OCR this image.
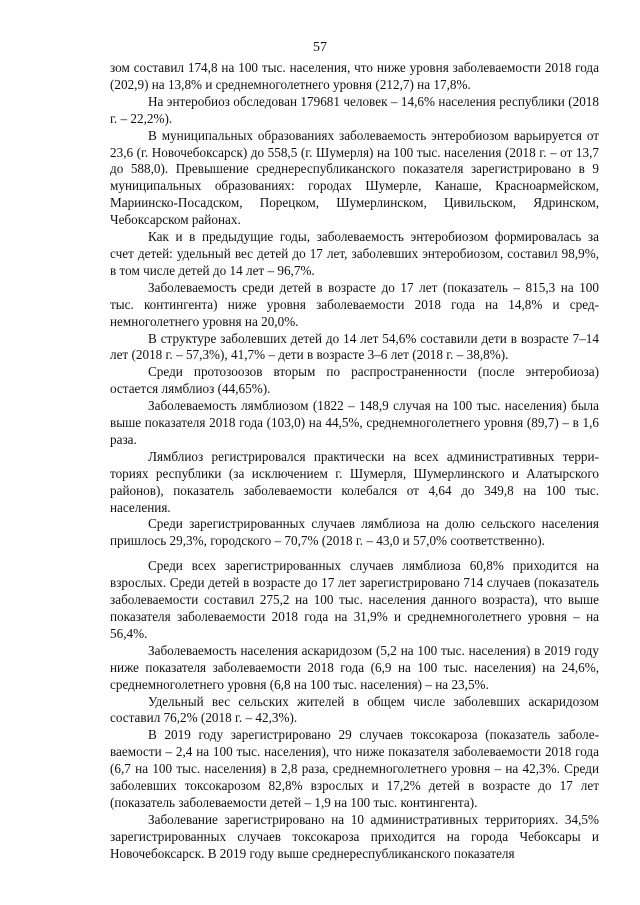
57

зом составил 174,8 на 100 тыс. населения, что ниже уровня заболеваемости 2018 года (202,9) на 13,8% и среднемноголетнего уровня (212,7) на 17,8%.

На энтеробиоз обследован 179681 человек – 14,6% населения республики (2018 г. – 22,2%).

В муниципальных образованиях заболеваемость энтеробиозом варьируется от 23,6 (г. Новочебоксарск) до 558,5 (г. Шумерля) на 100 тыс. населения (2018 г. – от 13,7 до 588,0). Превышение среднереспубликанского показателя зарегистрировано в 9 муниципальных образованиях: городах Шумерле, Канаше, Красноармейском, Мариинско-Посадском, Порецком, Шумерлинском, Цивильском, Ядринском, Чебоксарском районах.

Как и в предыдущие годы, заболеваемость энтеробиозом формировалась за счет детей: удельный вес детей до 17 лет, заболевших энтеробиозом, составил 98,9%, в том числе детей до 14 лет – 96,7%.

Заболеваемость среди детей в возрасте до 17 лет (показатель – 815,3 на 100 тыс. контингента) ниже уровня заболеваемости 2018 года на 14,8% и среднемноголетнего уровня на 20,0%.

В структуре заболевших детей до 14 лет 54,6% составили дети в возрасте 7–14 лет (2018 г. – 57,3%), 41,7% – дети в возрасте 3–6 лет (2018 г. – 38,8%).

Среди протозоозов вторым по распространенности (после энтеробиоза) остается лямблиоз (44,65%).

Заболеваемость лямблиозом (1822 – 148,9 случая на 100 тыс. населения) была выше показателя 2018 года (103,0) на 44,5%, среднемноголетнего уровня (89,7) – в 1,6 раза.

Лямблиоз регистрировался практически на всех административных территориях республики (за исключением г. Шумерля, Шумерлинского и Алатырского районов), показатель заболеваемости колебался от 4,64 до 349,8 на 100 тыс. населения.

Среди зарегистрированных случаев лямблиоза на долю сельского населения пришлось 29,3%, городского – 70,7% (2018 г. – 43,0 и 57,0% соответственно).

Среди всех зарегистрированных случаев лямблиоза 60,8% приходится на взрослых. Среди детей в возрасте до 17 лет зарегистрировано 714 случаев (показатель заболеваемости составил 275,2 на 100 тыс. населения данного возраста), что выше показателя заболеваемости 2018 года на 31,9% и среднемноголетнего уровня – на 56,4%.

Заболеваемость населения аскаридозом (5,2 на 100 тыс. населения) в 2019 году ниже показателя заболеваемости 2018 года (6,9 на 100 тыс. населения) на 24,6%, среднемноголетнего уровня (6,8 на 100 тыс. населения) – на 23,5%.

Удельный вес сельских жителей в общем числе заболевших аскаридозом составил 76,2% (2018 г. – 42,3%).

В 2019 году зарегистрировано 29 случаев токсокароза (показатель заболеваемости – 2,4 на 100 тыс. населения), что ниже показателя заболеваемости 2018 года (6,7 на 100 тыс. населения) в 2,8 раза, среднемноголетнего уровня – на 42,3%. Среди заболевших токсокарозом 82,8% взрослых и 17,2% детей в возрасте до 17 лет (показатель заболеваемости детей – 1,9 на 100 тыс. контингента).

Заболевание зарегистрировано на 10 административных территориях. 34,5% зарегистрированных случаев токсокароза приходится на города Чебоксары и Новочебоксарск. В 2019 году выше среднереспубликанского показателя
